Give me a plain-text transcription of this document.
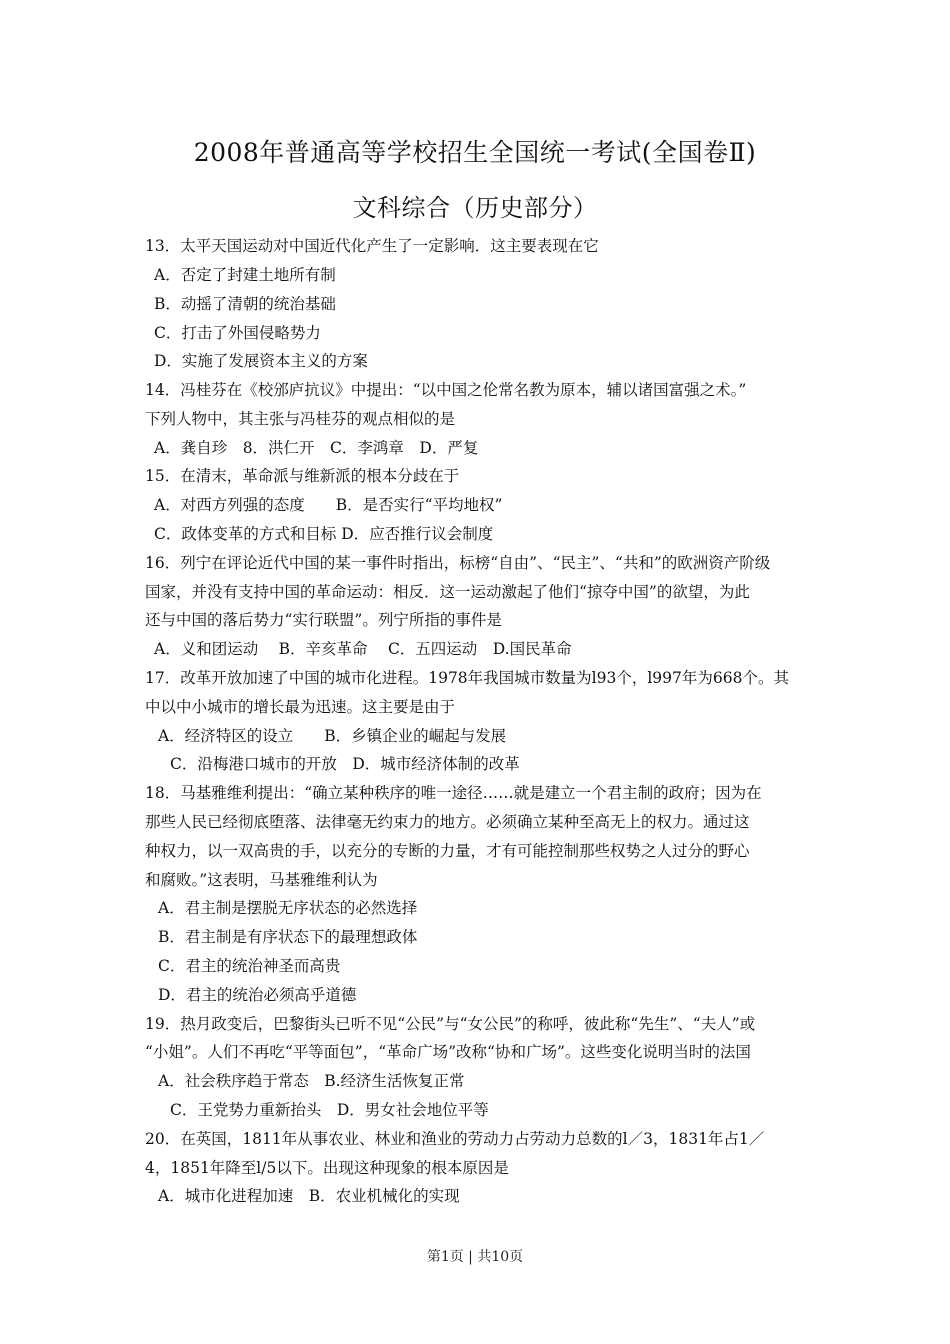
2008年普通高等学校招生全国统一考试(全国卷Ⅱ)
文科综合（历史部分）
13．太平天国运动对中国近代化产生了一定影响．这主要表现在它
A．否定了封建土地所有制
B．动摇了清朝的统治基础
C．打击了外国侵略势力
D．实施了发展资本主义的方案
14．冯桂芬在《校邠庐抗议》中提出：“以中国之伦常名教为原本，辅以诸国富强之术。”
下列人物中，其主张与冯桂芬的观点相似的是
A．龚自珍　8．洪仁开　C．李鸿章　D．严复
15．在清末，革命派与维新派的根本分歧在于
A．对西方列强的态度　　B．是否实行“平均地权”
C．政体变革的方式和目标 D．应否推行议会制度
16．列宁在评论近代中国的某一事件时指出，标榜“自由”、“民主”、“共和”的欧洲资产阶级
国家，并没有支持中国的革命运动：相反．这一运动激起了他们“掠夺中国”的欲望，为此
还与中国的落后势力“实行联盟”。列宁所指的事件是
A．义和团运动　 B．辛亥革命　 C．五四运动　D.国民革命
17．改革开放加速了中国的城市化进程。1978年我国城市数量为l93个，l997年为668个。其
中以中小城市的增长最为迅速。这主要是由于
A．经济特区的设立　　B．乡镇企业的崛起与发展
C．沿梅港口城市的开放　D．城市经济体制的改革
18．马基雅维利提出：“确立某种秩序的唯一途径……就是建立一个君主制的政府；因为在
那些人民已经彻底堕落、法律毫无约束力的地方。必须确立某种至高无上的权力。通过这
种权力，以一双高贵的手，以充分的专断的力量，才有可能控制那些权势之人过分的野心
和腐败。”这表明，马基雅维利认为
A．君主制是摆脱无序状态的必然选择
B．君主制是有序状态下的最理想政体
C．君主的统治神圣而高贵
D．君主的统治必须高乎道德
19．热月政变后，巴黎街头已听不见“公民”与“女公民”的称呼，彼此称“先生”、“夫人”或
“小姐”。人们不再吃“平等面包”，“革命广场”改称“协和广场”。这些变化说明当时的法国
A．社会秩序趋于常态　B.经济生活恢复正常
C．王党势力重新抬头　D．男女社会地位平等
20．在英国，1811年从事农业、林业和渔业的劳动力占劳动力总数的l／3，1831年占1／
4，1851年降至l/5以下。出现这种现象的根本原因是
A．城市化进程加速　B．农业机械化的实现
第1页 | 共10页
